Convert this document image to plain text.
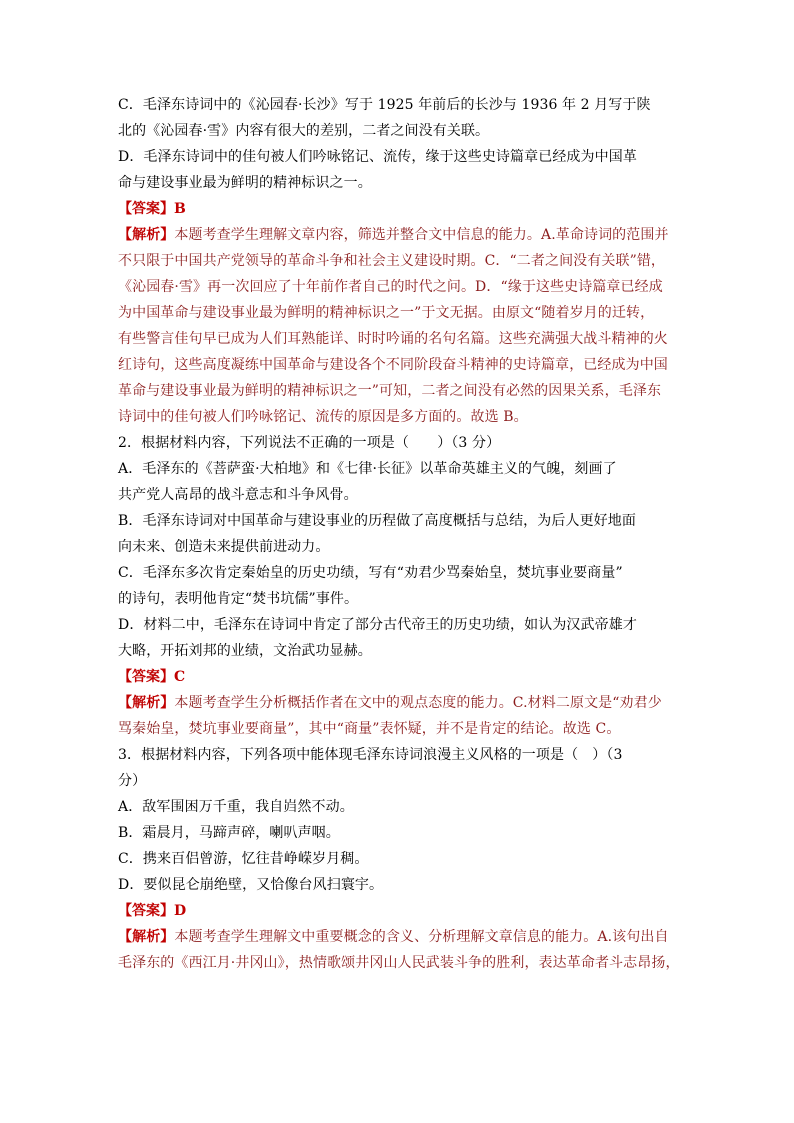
C．毛泽东诗词中的《沁园春·长沙》写于 1925 年前后的长沙与 1936 年 2 月写于陕
北的《沁园春·雪》内容有很大的差别，二者之间没有关联。
D．毛泽东诗词中的佳句被人们吟咏铭记、流传，缘于这些史诗篇章已经成为中国革
命与建设事业最为鲜明的精神标识之一。
【答案】B
【解析】本题考查学生理解文章内容，筛选并整合文中信息的能力。A.革命诗词的范围并
不只限于中国共产党领导的革命斗争和社会主义建设时期。C．“二者之间没有关联”错，
《沁园春·雪》再一次回应了十年前作者自己的时代之问。D．“缘于这些史诗篇章已经成
为中国革命与建设事业最为鲜明的精神标识之一”于文无据。由原文“随着岁月的迁转，
有些警言佳句早已成为人们耳熟能详、时时吟诵的名句名篇。这些充满强大战斗精神的火
红诗句，这些高度凝练中国革命与建设各个不同阶段奋斗精神的史诗篇章，已经成为中国
革命与建设事业最为鲜明的精神标识之一”可知，二者之间没有必然的因果关系，毛泽东
诗词中的佳句被人们吟咏铭记、流传的原因是多方面的。故选 B。
2．根据材料内容，下列说法不正确的一项是（　　）（3 分）
A．毛泽东的《菩萨蛮·大柏地》和《七律·长征》以革命英雄主义的气魄，刻画了
共产党人高昂的战斗意志和斗争风骨。
B．毛泽东诗词对中国革命与建设事业的历程做了高度概括与总结，为后人更好地面
向未来、创造未来提供前进动力。
C．毛泽东多次肯定秦始皇的历史功绩，写有“劝君少骂秦始皇，焚坑事业要商量”
的诗句，表明他肯定“焚书坑儒”事件。
D．材料二中，毛泽东在诗词中肯定了部分古代帝王的历史功绩，如认为汉武帝雄才
大略，开拓刘邦的业绩，文治武功显赫。
【答案】C
【解析】本题考查学生分析概括作者在文中的观点态度的能力。C.材料二原文是“劝君少
骂秦始皇，焚坑事业要商量”，其中“商量”表怀疑，并不是肯定的结论。故选 C。
3．根据材料内容，下列各项中能体现毛泽东诗词浪漫主义风格的一项是（　）（3
分）
A．敌军围困万千重，我自岿然不动。
B．霜晨月，马蹄声碎，喇叭声咽。
C．携来百侣曾游，忆往昔峥嵘岁月稠。
D．要似昆仑崩绝壁，又恰像台风扫寰宇。
【答案】D
【解析】本题考查学生理解文中重要概念的含义、分析理解文章信息的能力。A.该句出自
毛泽东的《西江月·井冈山》，热情歌颂井冈山人民武装斗争的胜利，表达革命者斗志昂扬，
